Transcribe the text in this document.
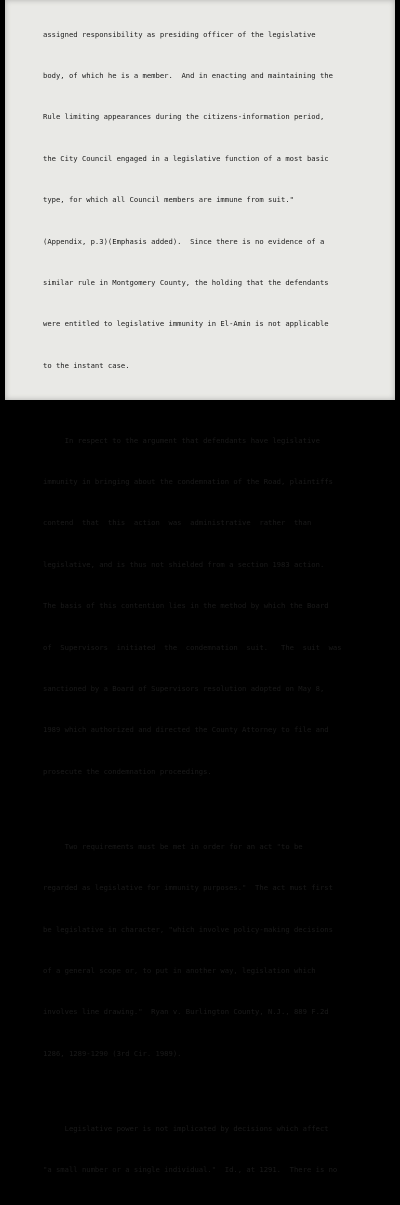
assigned responsibility as presiding officer of the legislative

body, of which he is a member.  And in enacting and maintaining the

Rule limiting appearances during the citizens-information period,

the City Council engaged in a legislative function of a most basic

type, for which all Council members are immune from suit."

(Appendix, p.3)(Emphasis added).  Since there is no evidence of a

similar rule in Montgomery County, the holding that the defendants

were entitled to legislative immunity in El-Amin is not applicable

to the instant case.

In respect to the argument that defendants have legislative

immunity in bringing about the condemnation of the Road, plaintiffs

contend  that  this  action  was  administrative  rather  than

legislative, and is thus not shielded from a section 1983 action.

The basis of this contention lies in the method by which the Board

of  Supervisors  initiated  the  condemnation  suit.   The  suit  was

sanctioned by a Board of Supervisors resolution adopted on May 8,

1989 which authorized and directed the County Attorney to file and

prosecute the condemnation proceedings.

Two requirements must be met in order for an act "to be

regarded as legislative for immunity purposes."  The act must first

be legislative in character, "which involve policy-making decisions

of a general scope or, to put in another way, legislation which

involves line drawing."  Ryan v. Burlington County, N.J., 889 F.2d

1286, 1289-1290 (3rd Cir. 1989).

Legislative power is not implicated by decisions which affect

"a small number or a single individual."  Id., at 1291.  There is no
